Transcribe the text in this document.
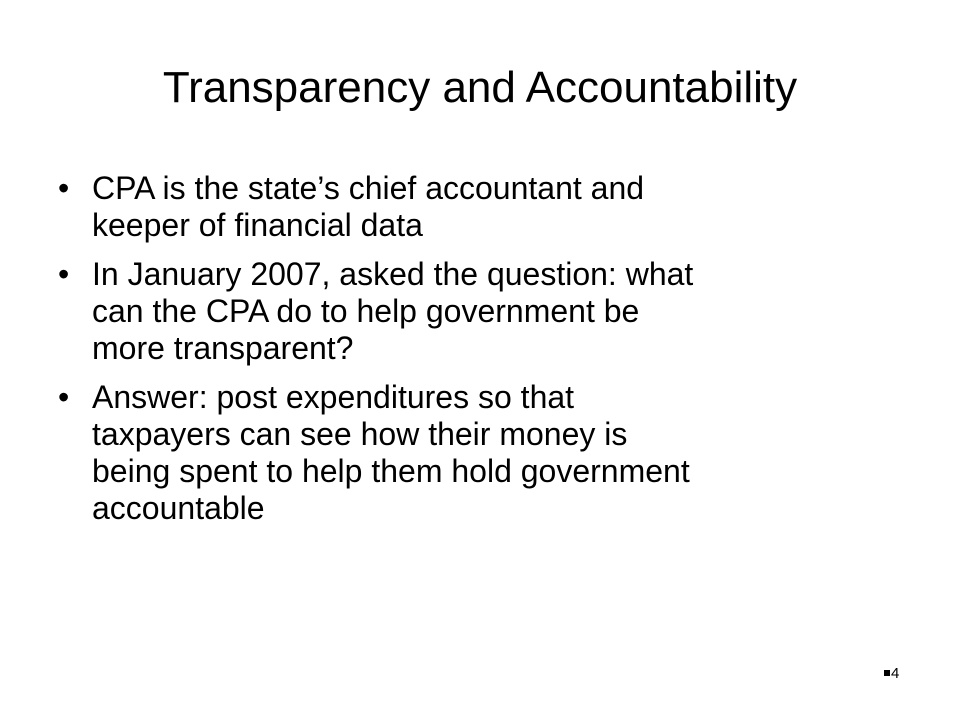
Transparency and Accountability
• CPA is the state’s chief accountant and
keeper of financial data
• In January 2007, asked the question: what
can the CPA do to help government be
more transparent?
• Answer: post expenditures so that
taxpayers can see how their money is
being spent to help them hold government
accountable
4
